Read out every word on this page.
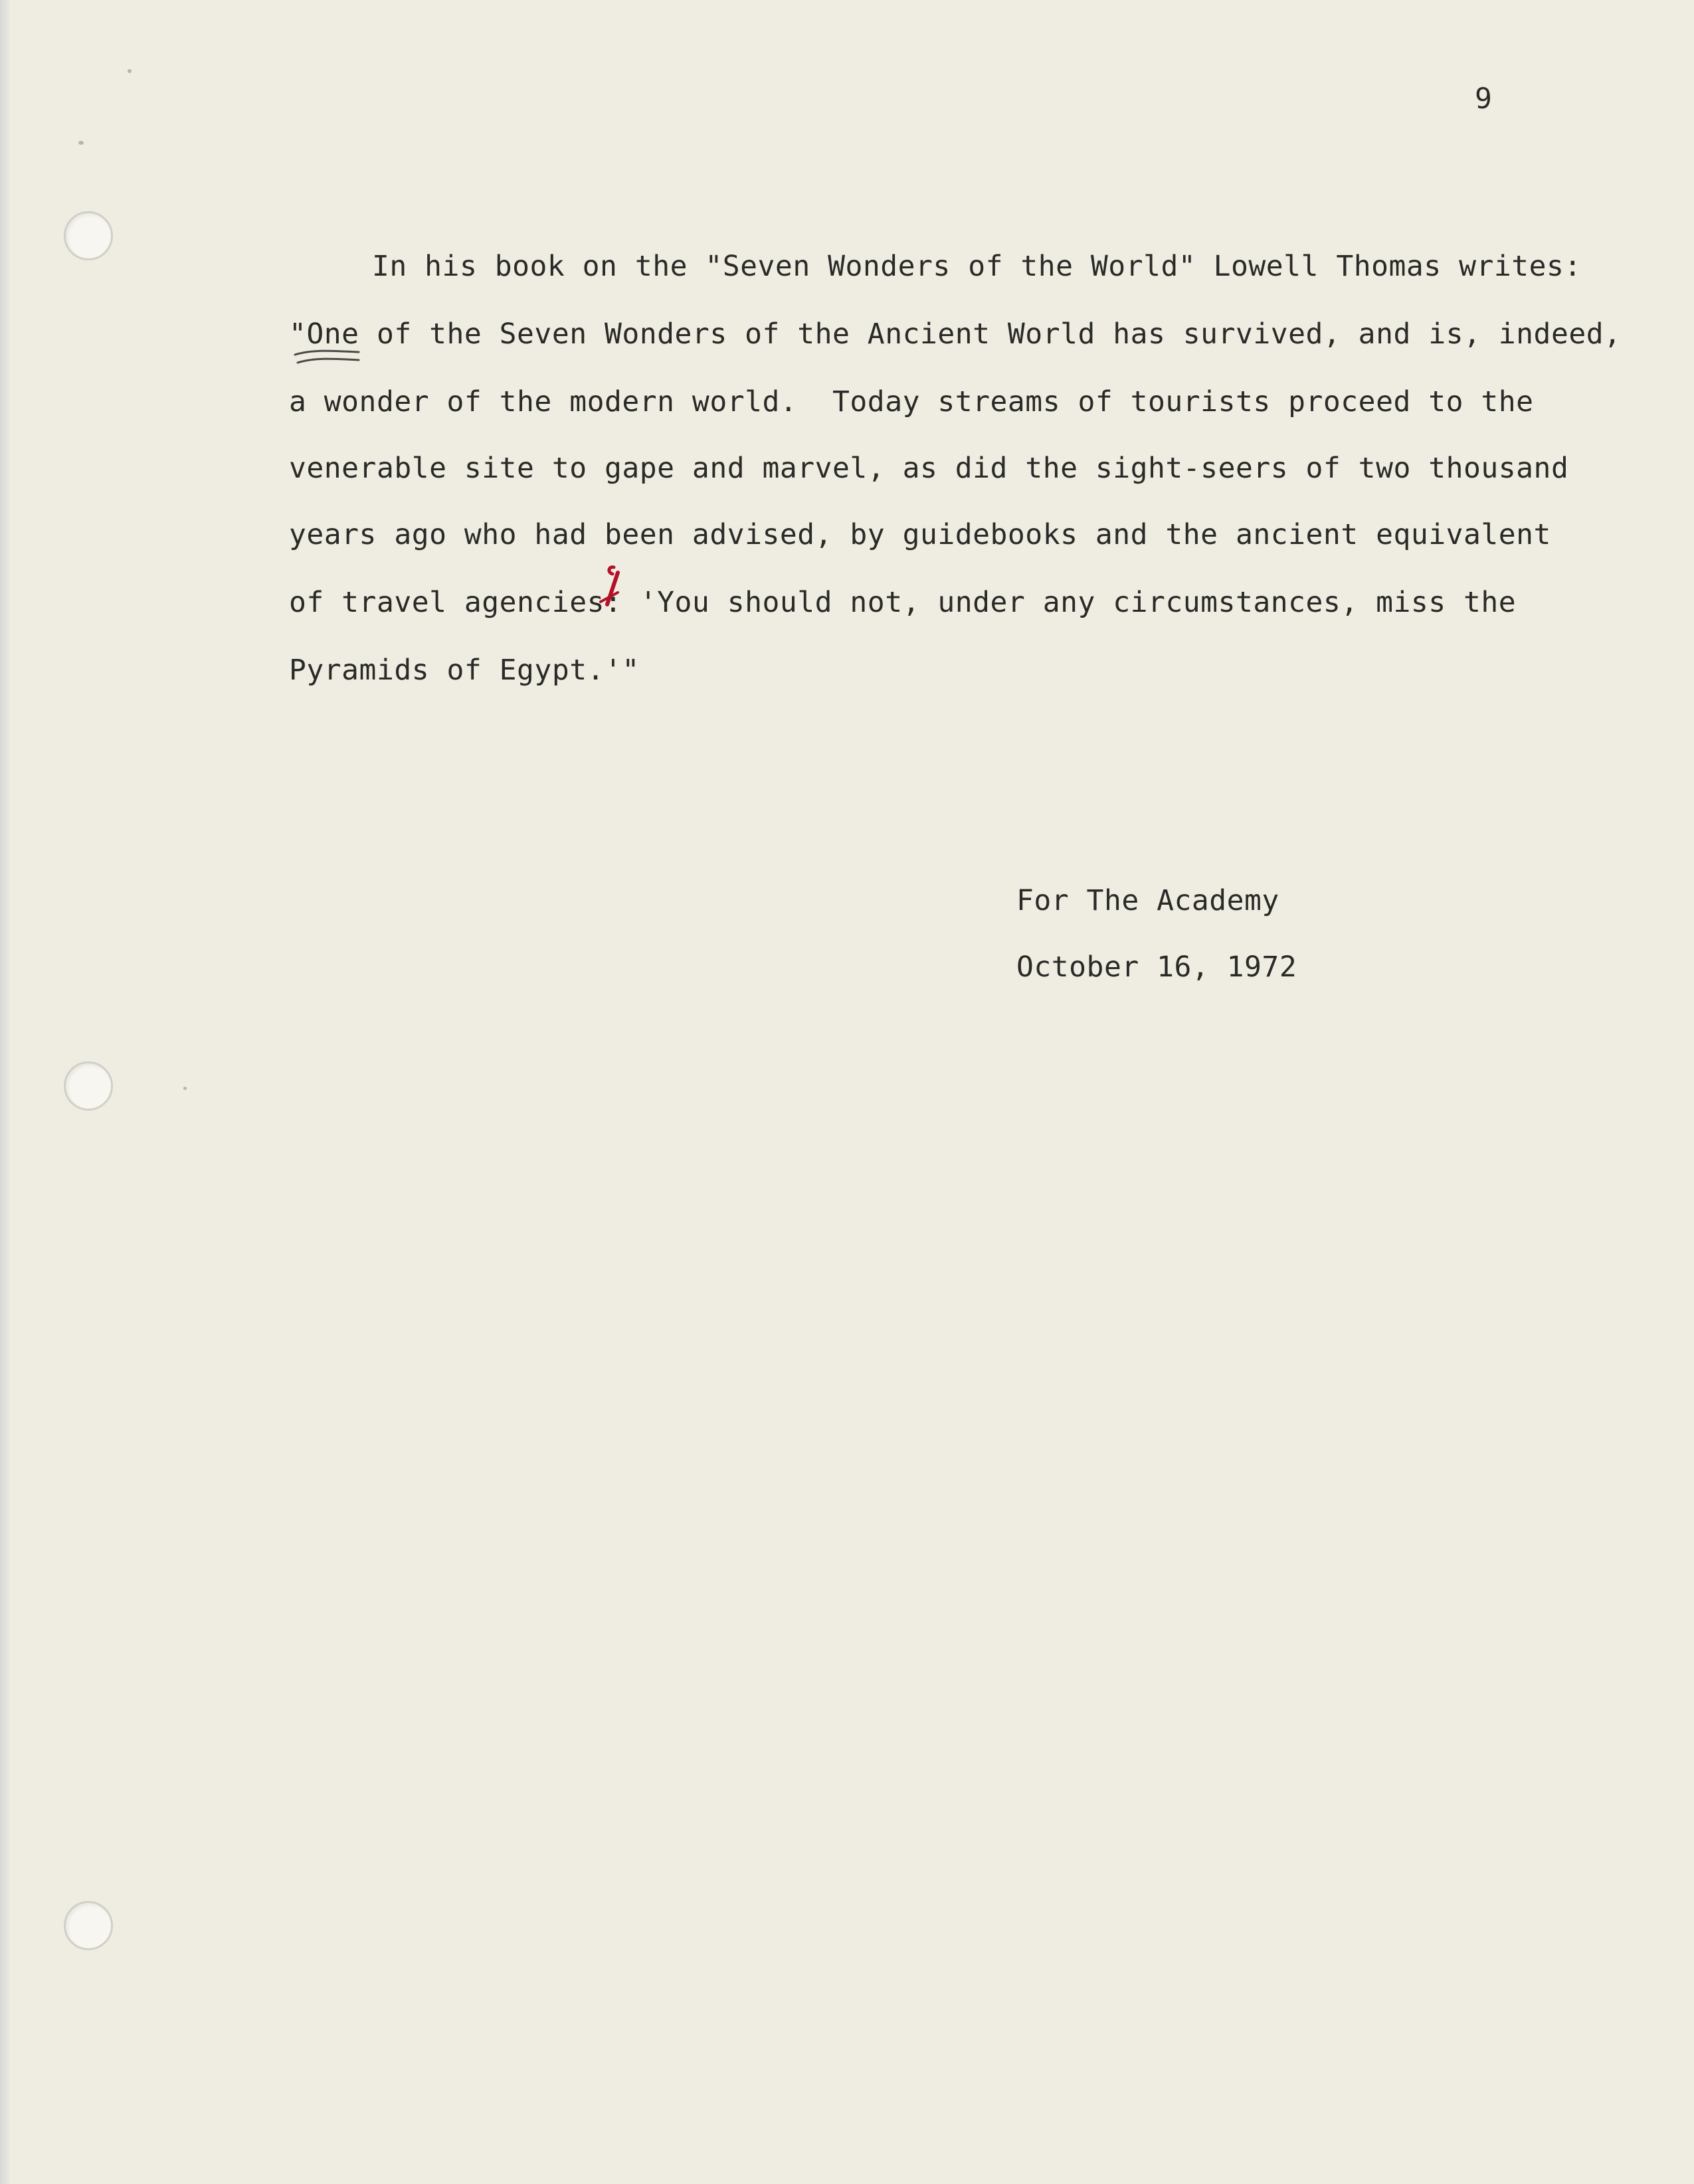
9
In his book on the "Seven Wonders of the World" Lowell Thomas writes:
"One of the Seven Wonders of the Ancient World has survived, and is, indeed,
a wonder of the modern world.  Today streams of tourists proceed to the
venerable site to gape and marvel, as did the sight-seers of two thousand
years ago who had been advised, by guidebooks and the ancient equivalent
of travel agencies: 'You should not, under any circumstances, miss the
Pyramids of Egypt.'"
For The Academy
October 16, 1972
